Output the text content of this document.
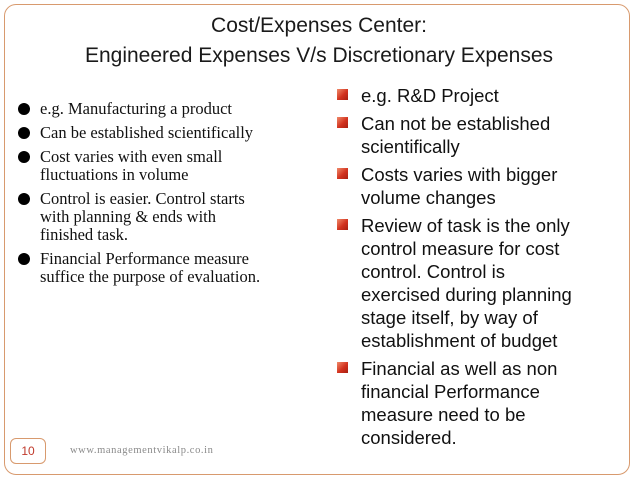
Cost/Expenses Center:
Engineered Expenses V/s Discretionary Expenses
e.g. Manufacturing a product
Can be established scientifically
Cost varies with even small
fluctuations in volume
Control is easier. Control starts
with planning & ends with
finished task.
Financial Performance measure
suffice the purpose of evaluation.
e.g. R&D Project
Can not be established
scientifically
Costs varies with bigger
volume changes
Review of task is the only
control measure for cost
control. Control is
exercised during planning
stage itself, by way of
establishment of budget
Financial as well as non
financial Performance
measure need to be
considered.
10	www.managementvikalp.co.in
